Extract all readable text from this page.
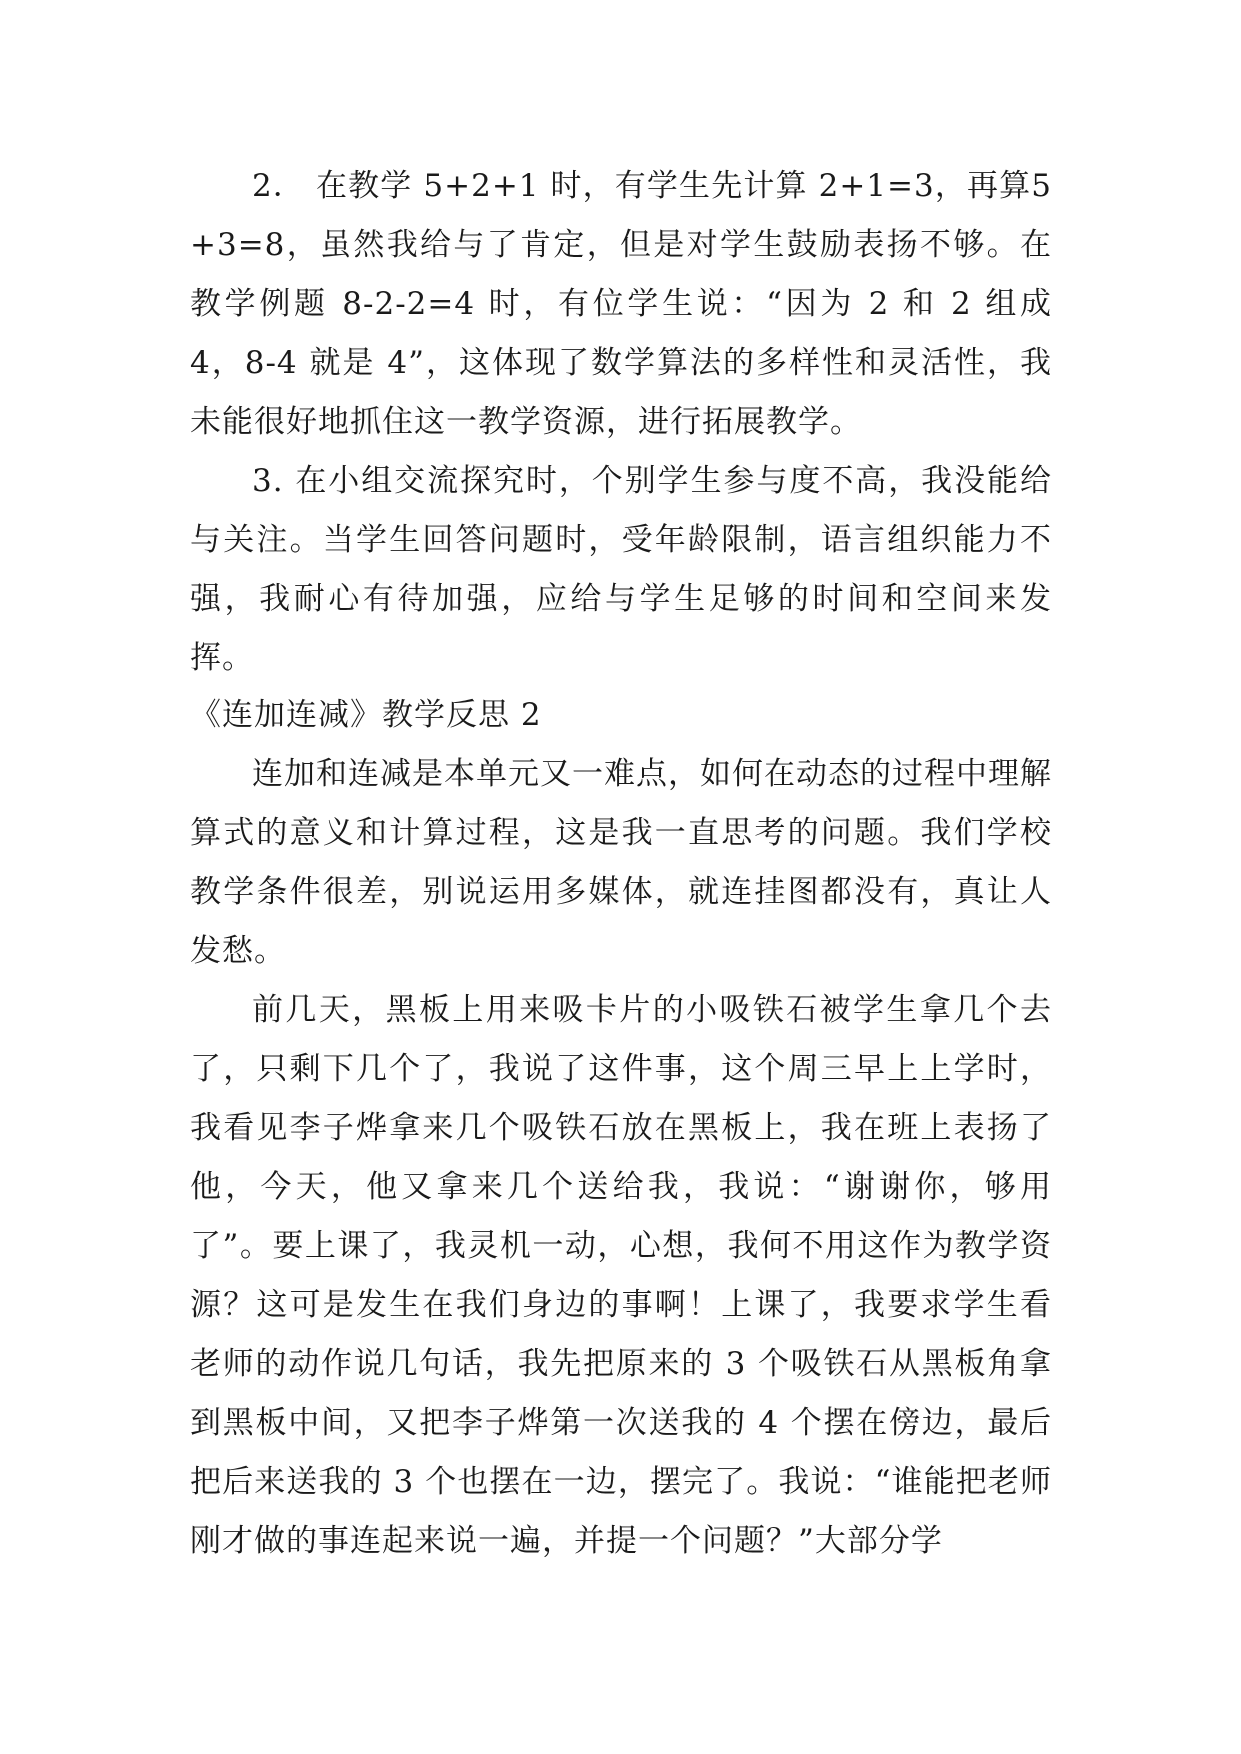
2． 在教学 5+2+1 时，有学生先计算 2+1=3，再算5+3=8，虽然我给与了肯定，但是对学生鼓励表扬不够。在教学例题 8-2-2=4 时，有位学生说：“因为 2 和 2 组成 4，8-4 就是 4”，这体现了数学算法的多样性和灵活性，我未能很好地抓住这一教学资源，进行拓展教学。

3. 在小组交流探究时，个别学生参与度不高，我没能给与关注。当学生回答问题时，受年龄限制，语言组织能力不强，我耐心有待加强，应给与学生足够的时间和空间来发挥。

《连加连减》教学反思 2

连加和连减是本单元又一难点，如何在动态的过程中理解算式的意义和计算过程，这是我一直思考的问题。我们学校教学条件很差，别说运用多媒体，就连挂图都没有，真让人发愁。

前几天，黑板上用来吸卡片的小吸铁石被学生拿几个去了，只剩下几个了，我说了这件事，这个周三早上上学时，我看见李子烨拿来几个吸铁石放在黑板上，我在班上表扬了他，今天，他又拿来几个送给我，我说：“谢谢你，够用了”。要上课了，我灵机一动，心想，我何不用这作为教学资源？这可是发生在我们身边的事啊！上课了，我要求学生看老师的动作说几句话，我先把原来的 3 个吸铁石从黑板角拿到黑板中间，又把李子烨第一次送我的 4 个摆在傍边，最后把后来送我的 3 个也摆在一边，摆完了。我说：“谁能把老师刚才做的事连起来说一遍，并提一个问题？”大部分学
